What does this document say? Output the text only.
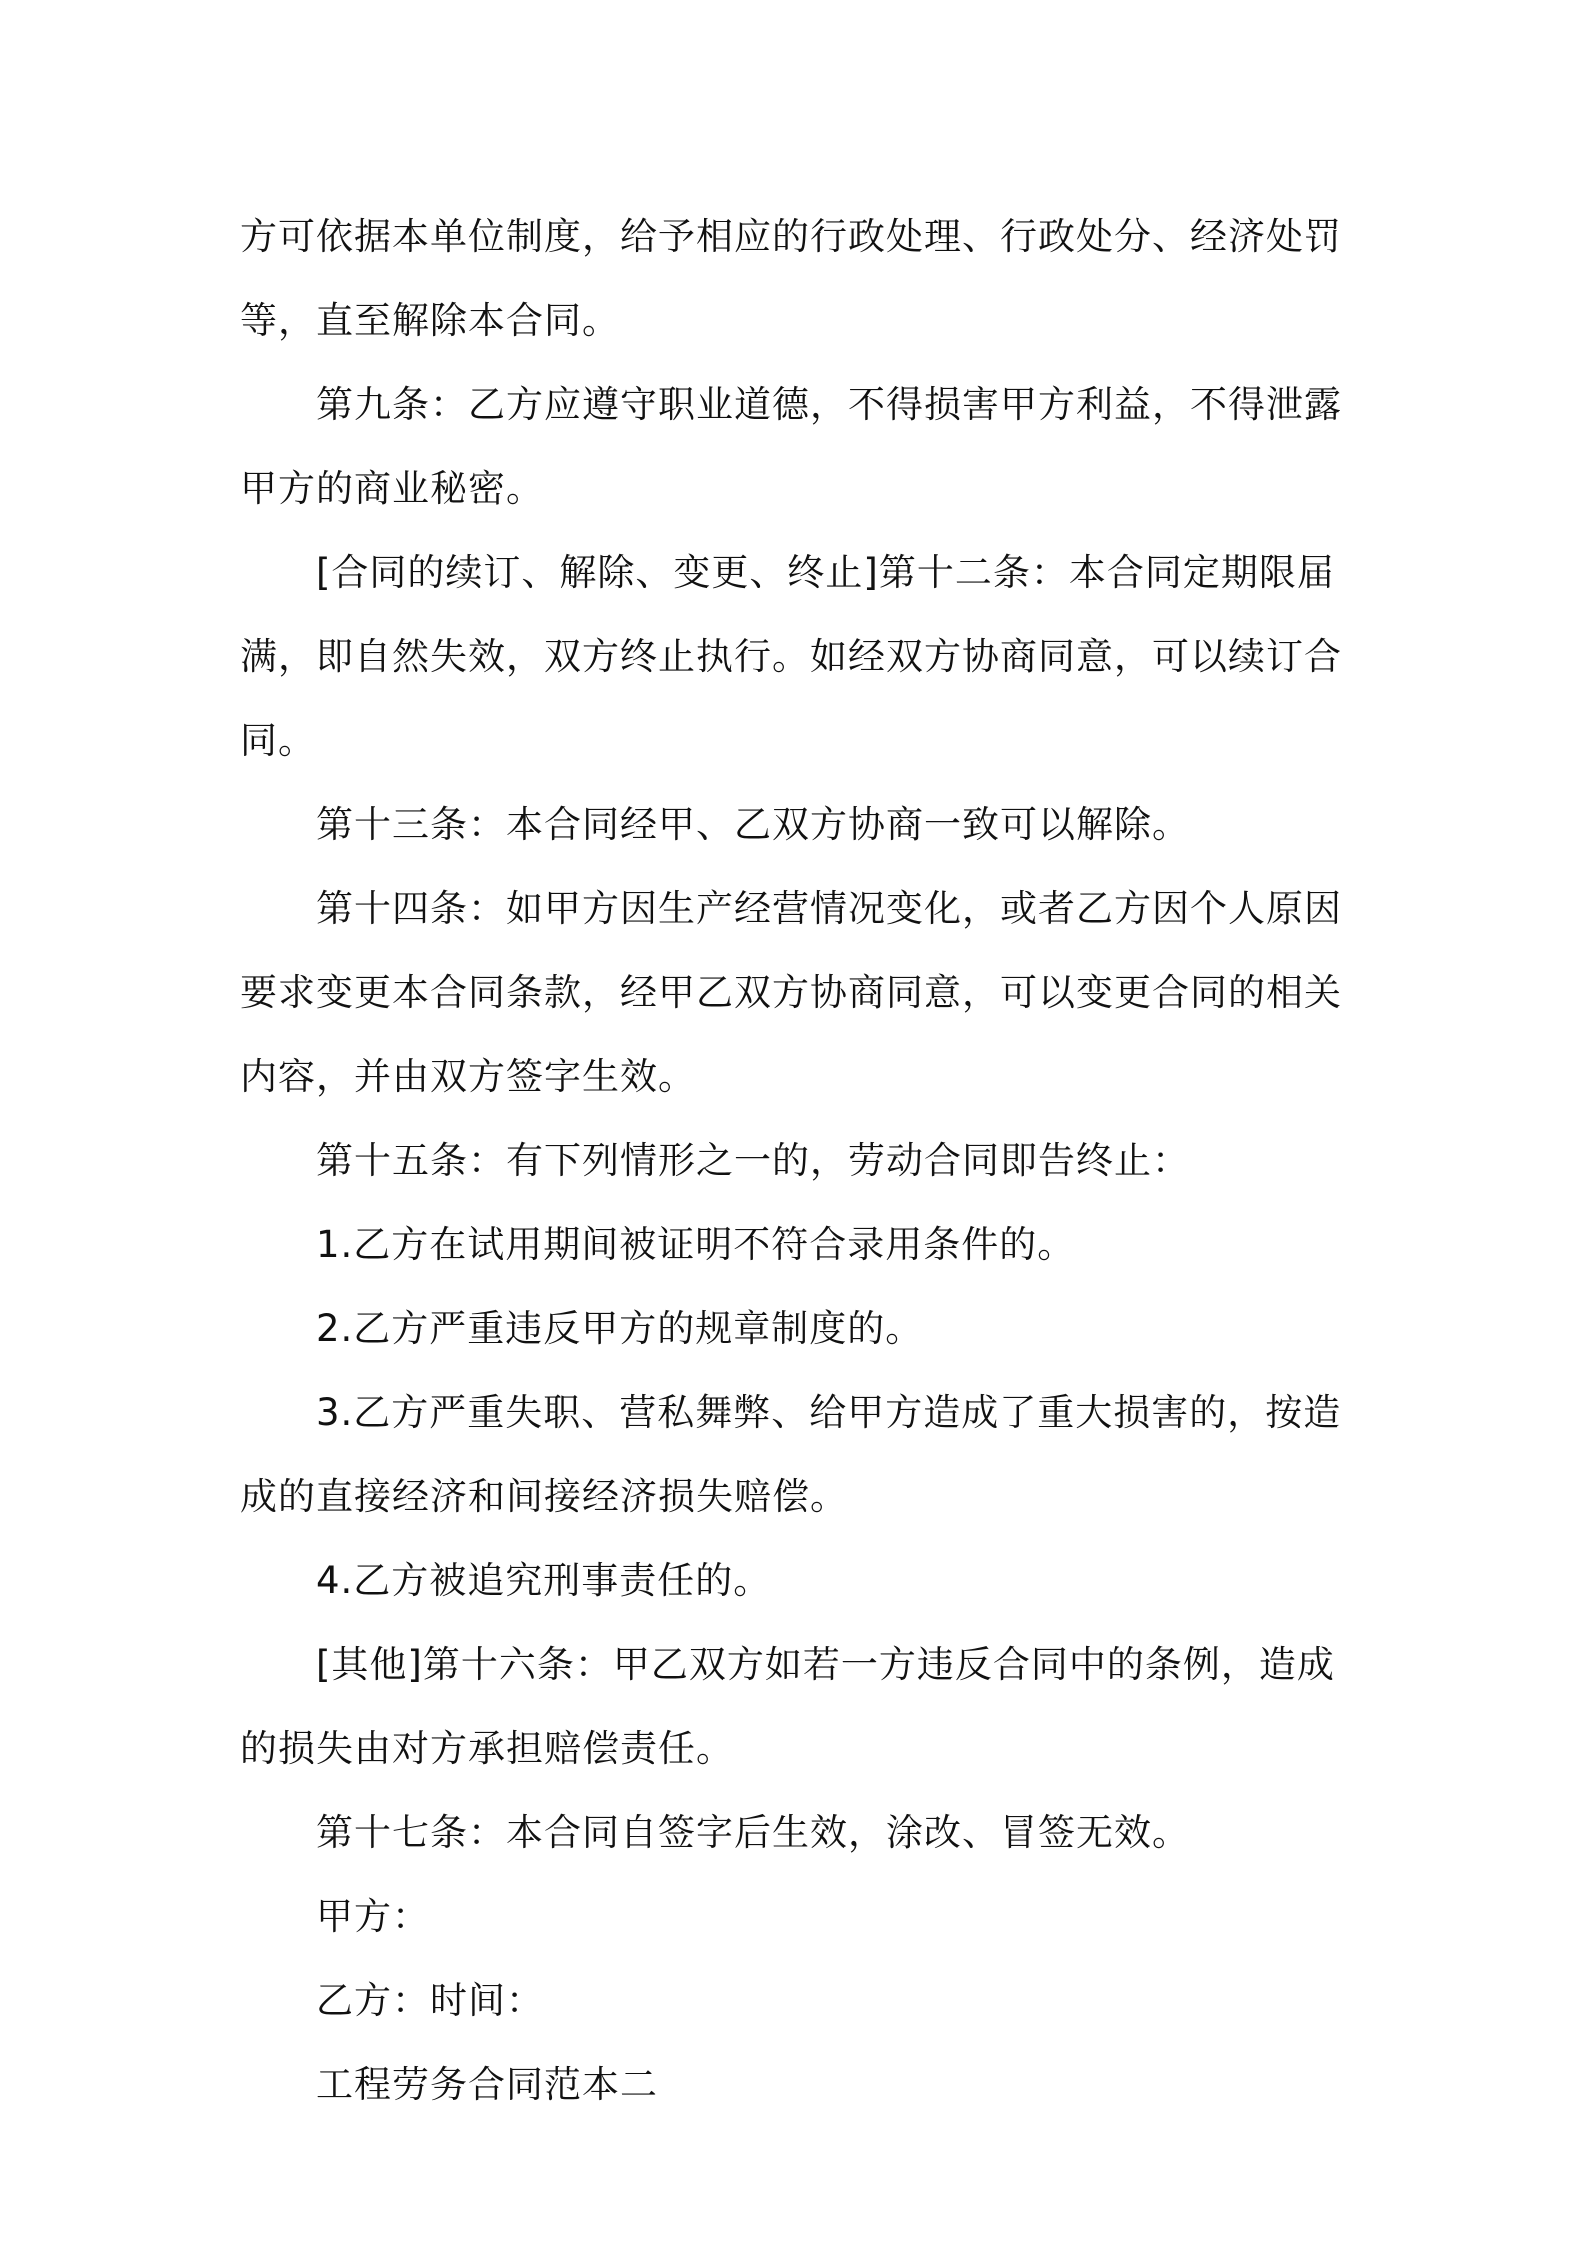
方可依据本单位制度，给予相应的行政处理、行政处分、经济处罚等，直至解除本合同。

第九条：乙方应遵守职业道德，不得损害甲方利益，不得泄露甲方的商业秘密。

[合同的续订、解除、变更、终止]第十二条：本合同定期限届满，即自然失效，双方终止执行。如经双方协商同意，可以续订合同。

第十三条：本合同经甲、乙双方协商一致可以解除。

第十四条：如甲方因生产经营情况变化，或者乙方因个人原因要求变更本合同条款，经甲乙双方协商同意，可以变更合同的相关内容，并由双方签字生效。

第十五条：有下列情形之一的，劳动合同即告终止：

1.乙方在试用期间被证明不符合录用条件的。

2.乙方严重违反甲方的规章制度的。

3.乙方严重失职、营私舞弊、给甲方造成了重大损害的，按造成的直接经济和间接经济损失赔偿。

4.乙方被追究刑事责任的。

[其他]第十六条：甲乙双方如若一方违反合同中的条例，造成的损失由对方承担赔偿责任。

第十七条：本合同自签字后生效，涂改、冒签无效。

甲方：

乙方：时间：

工程劳务合同范本二
